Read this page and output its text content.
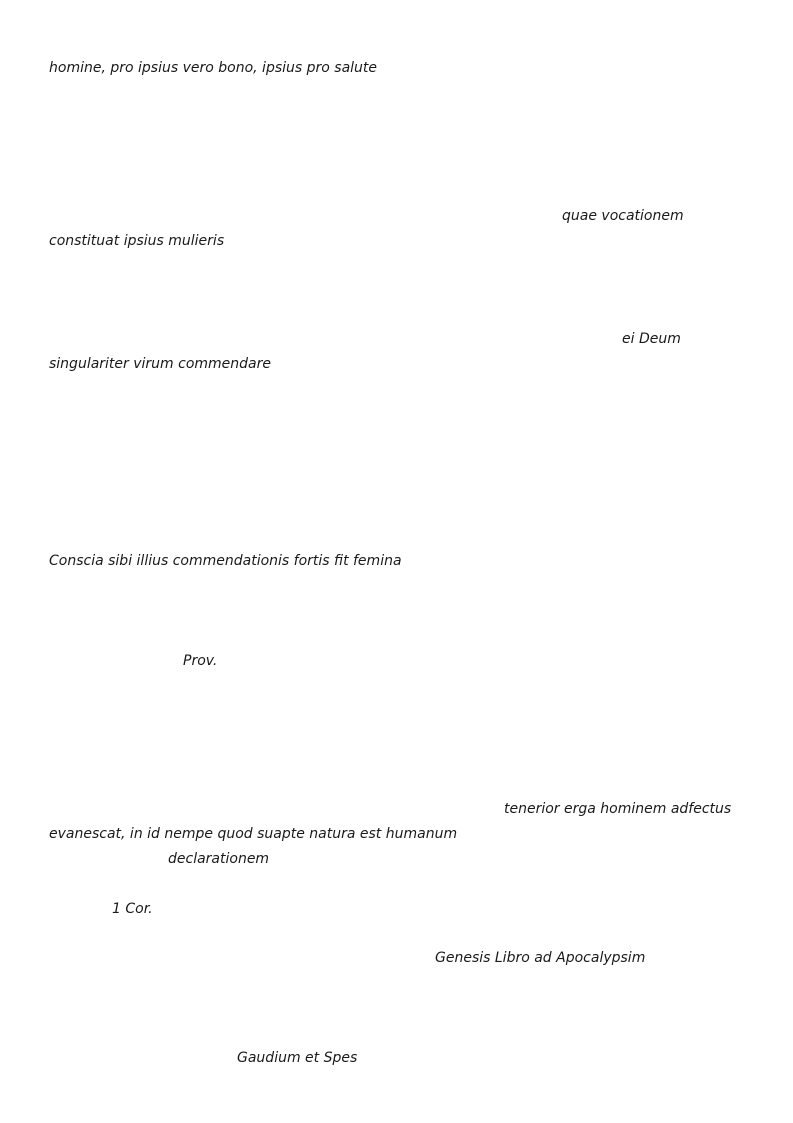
homine, pro ipsius vero bono, ipsius pro salute
quae vocationem
constituat ipsius mulieris
ei Deum
singulariter virum commendare
Conscia sibi illius commendationis fortis fit femina
Prov.
tenerior erga hominem adfectus
evanescat, in id nempe quod suapte natura est humanum
declarationem
1 Cor.
Genesis Libro ad Apocalypsim
Gaudium et Spes
